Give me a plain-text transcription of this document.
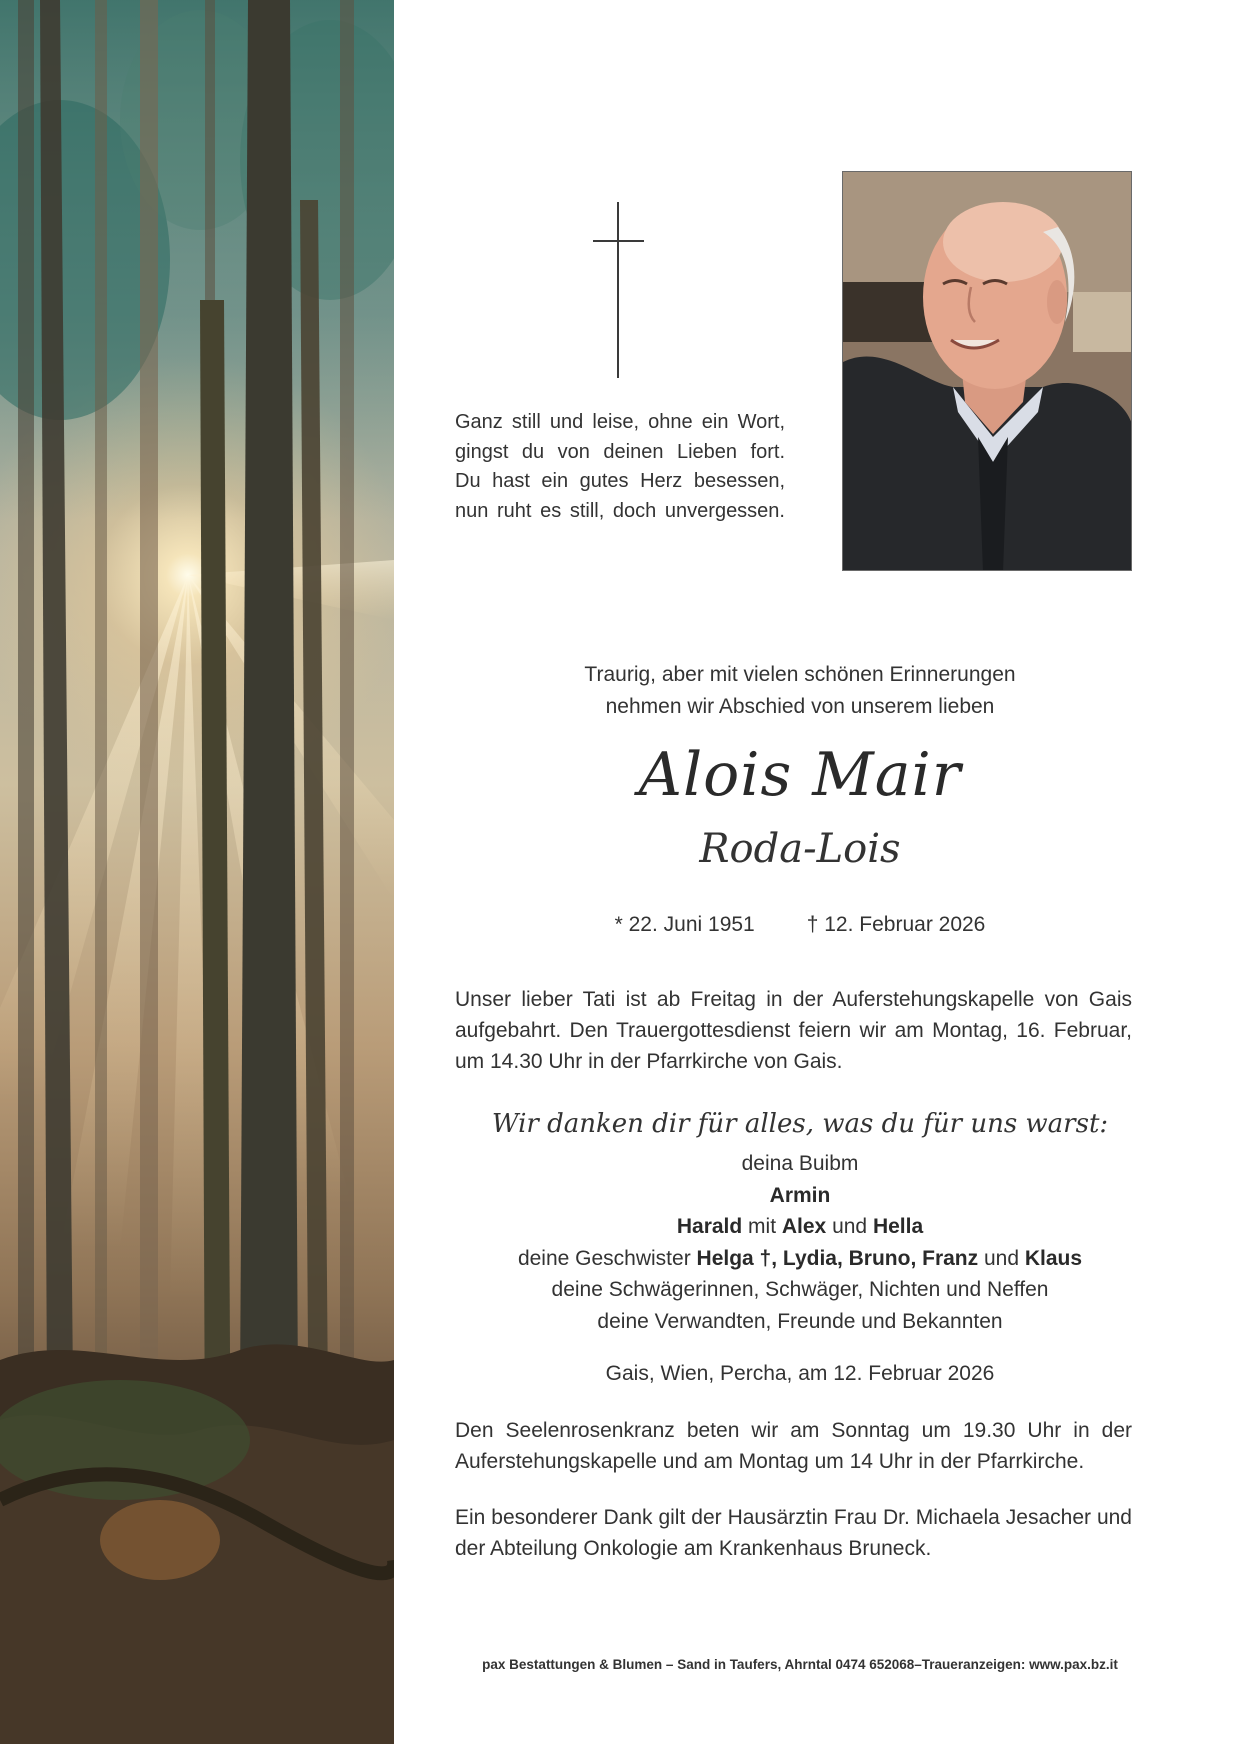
Ganz still und leise, ohne ein Wort,
gingst du von deinen Lieben fort.
Du hast ein gutes Herz besessen,
nun ruht es still, doch unvergessen.
Traurig, aber mit vielen schönen Erinnerungen
nehmen wir Abschied von unserem lieben
Alois Mair
Roda-Lois
* 22. Juni 1951 † 12. Februar 2026
Unser lieber Tati ist ab Freitag in der Auferstehungskapelle von Gais aufgebahrt. Den Trauergottesdienst feiern wir am Montag, 16. Februar, um 14.30 Uhr in der Pfarrkirche von Gais.
Wir danken dir für alles, was du für uns warst:
deina Buibm
Armin
Harald mit Alex und Hella
deine Geschwister Helga †, Lydia, Bruno, Franz und Klaus
deine Schwägerinnen, Schwäger, Nichten und Neffen
deine Verwandten, Freunde und Bekannten
Gais, Wien, Percha, am 12. Februar 2026
Den Seelenrosenkranz beten wir am Sonntag um 19.30 Uhr in der Auferstehungskapelle und am Montag um 14 Uhr in der Pfarrkirche.
Ein besonderer Dank gilt der Hausärztin Frau Dr. Michaela Jesacher und der Abteilung Onkologie am Krankenhaus Bruneck.
pax Bestattungen & Blumen – Sand in Taufers, Ahrntal 0474 652068–Traueranzeigen: www.pax.bz.it
